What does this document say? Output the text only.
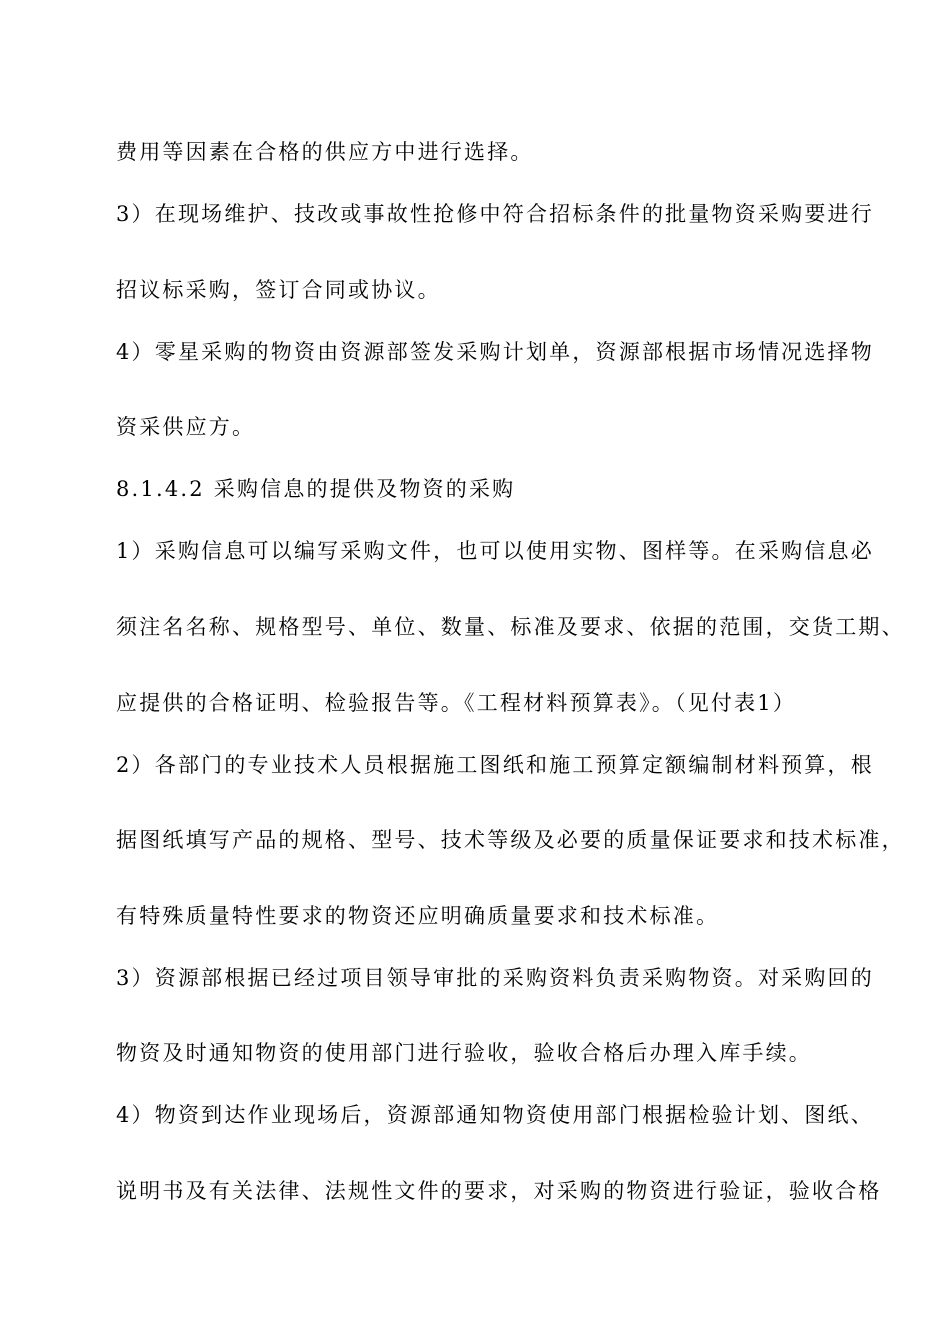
费用等因素在合格的供应方中进行选择。
3）在现场维护、技改或事故性抢修中符合招标条件的批量物资采购要进行
招议标采购，签订合同或协议。
4）零星采购的物资由资源部签发采购计划单，资源部根据市场情况选择物
资采供应方。
8.1.4.2 采购信息的提供及物资的采购
1）采购信息可以编写采购文件，也可以使用实物、图样等。在采购信息必
须注名名称、规格型号、单位、数量、标准及要求、依据的范围，交货工期、
应提供的合格证明、检验报告等。《工程材料预算表》。（见付表1）
2）各部门的专业技术人员根据施工图纸和施工预算定额编制材料预算，根
据图纸填写产品的规格、型号、技术等级及必要的质量保证要求和技术标准，
有特殊质量特性要求的物资还应明确质量要求和技术标准。
3）资源部根据已经过项目领导审批的采购资料负责采购物资。对采购回的
物资及时通知物资的使用部门进行验收，验收合格后办理入库手续。
4）物资到达作业现场后，资源部通知物资使用部门根据检验计划、图纸、
说明书及有关法律、法规性文件的要求，对采购的物资进行验证，验收合格
